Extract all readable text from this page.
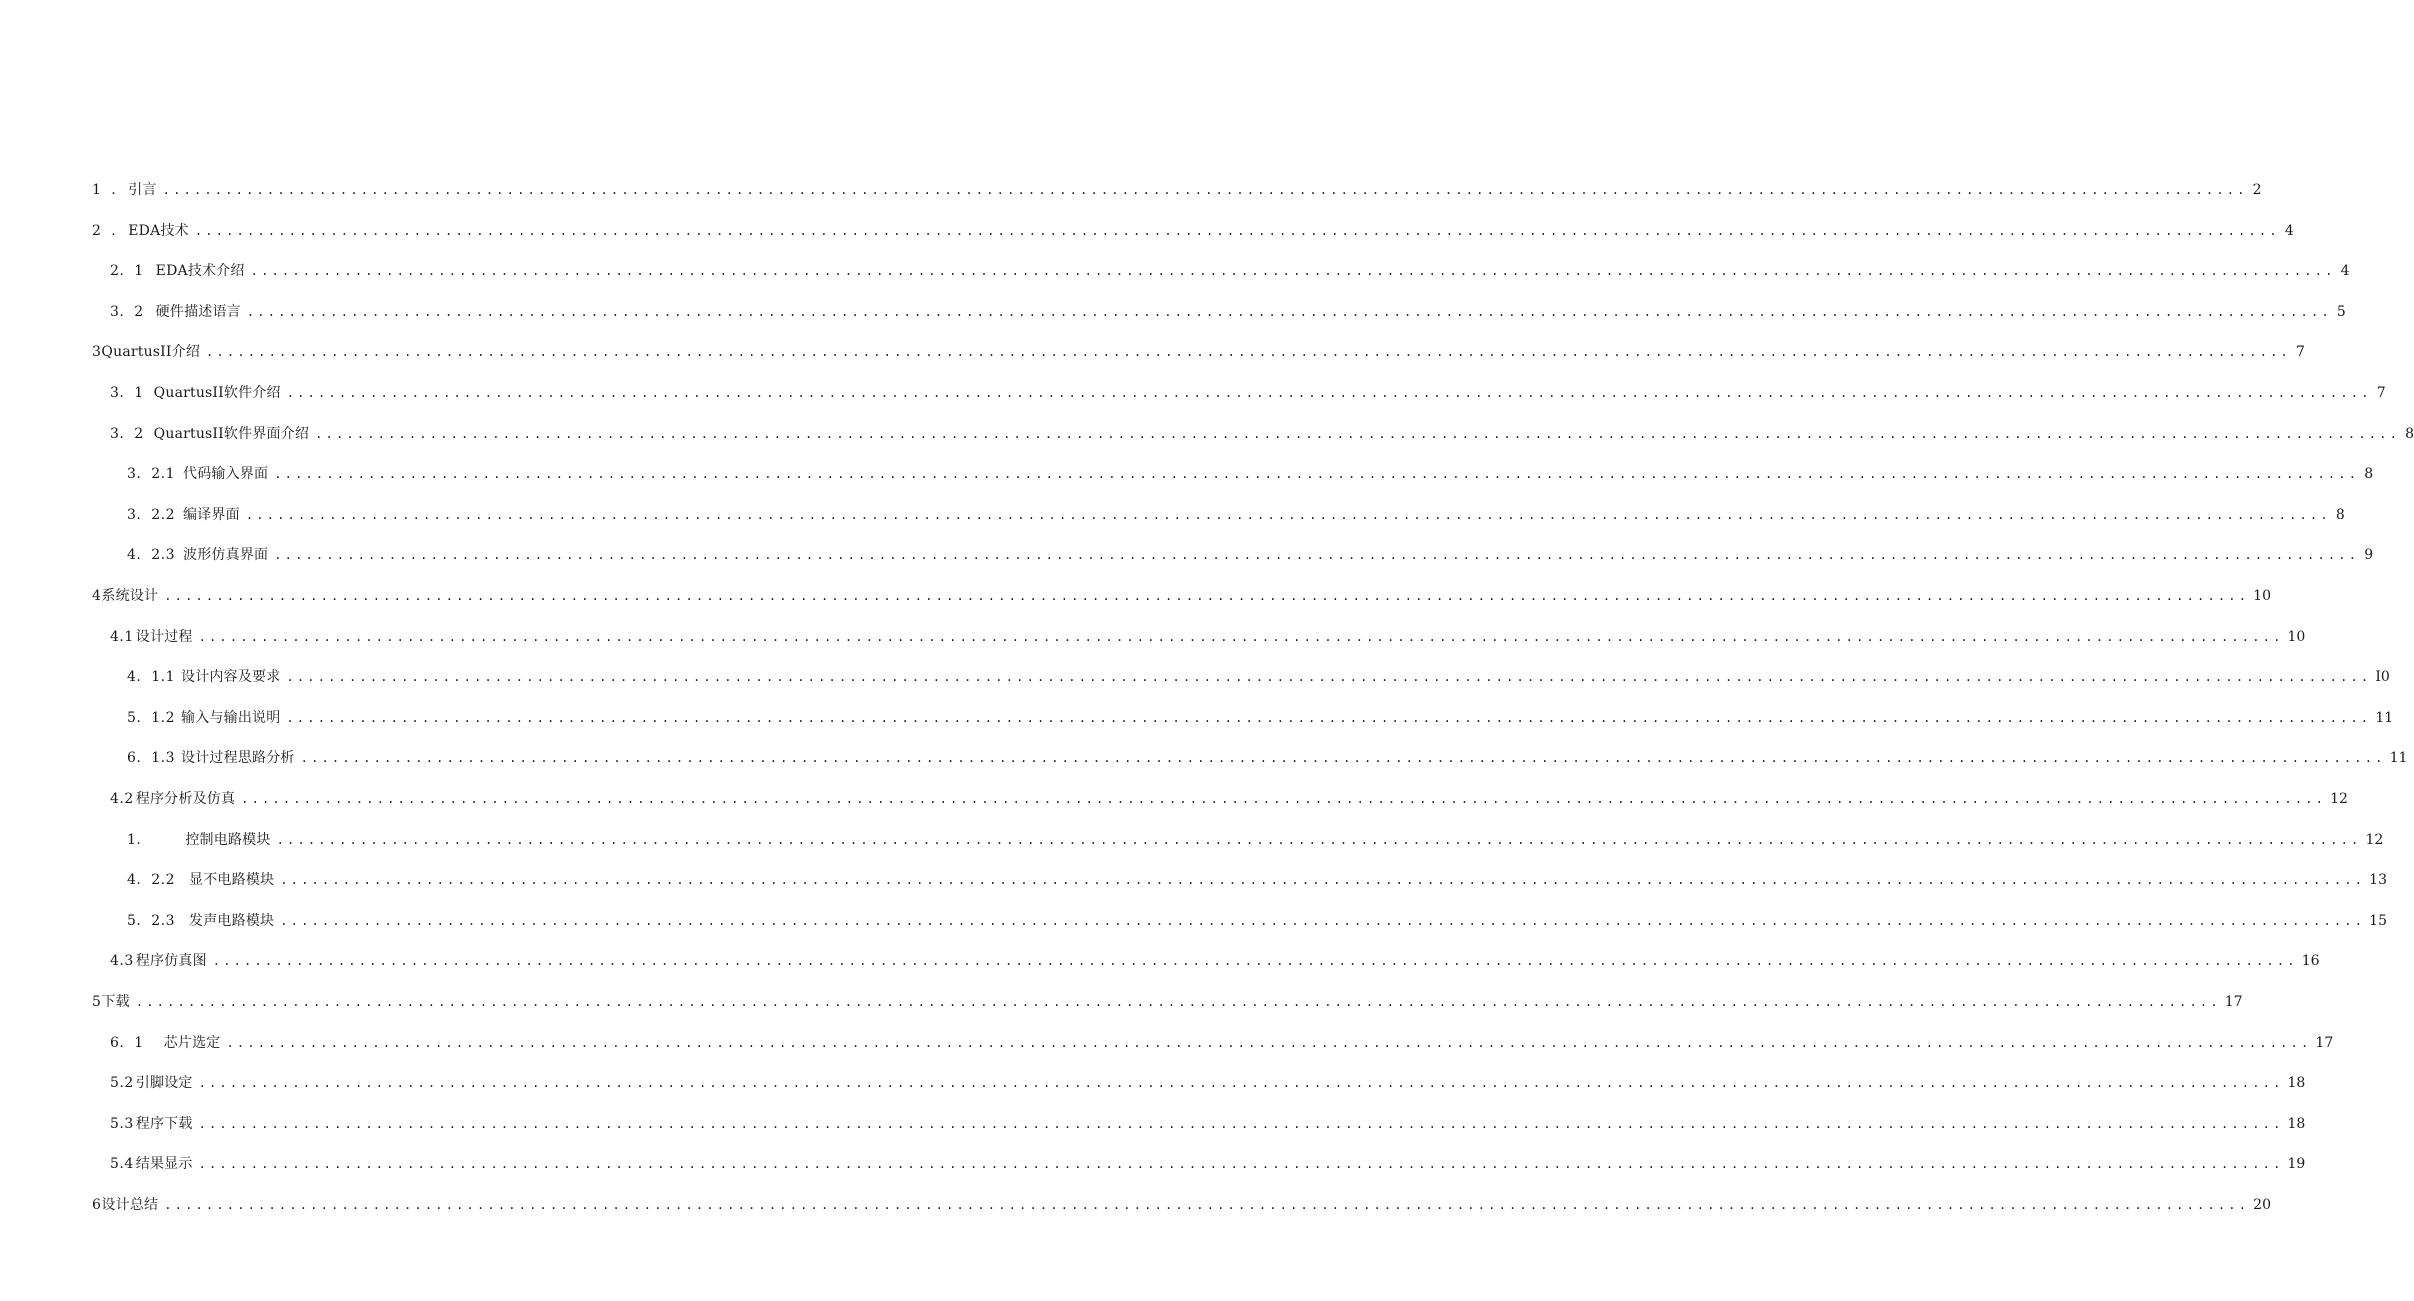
1  . 引言 ........................................................................................................................................................................................................ 2
2  . EDA技术 ........................................................................................................................................................................................................ 4
2.  1 EDA技术介绍 ........................................................................................................................................................................................................ 4
3.  2 硬件描述语言 ........................................................................................................................................................................................................ 5
3QuartusII介绍 ........................................................................................................................................................................................................ 7
3.  1 QuartusII软件介绍 ........................................................................................................................................................................................................ 7
3.  2 QuartusII软件界面介绍 ........................................................................................................................................................................................................ 8
3.  2.1 代码输入界面 ........................................................................................................................................................................................................ 8
3.  2.2 编译界面 ........................................................................................................................................................................................................ 8
4.  2.3 波形仿真界面 ........................................................................................................................................................................................................ 9
4系统设计 ........................................................................................................................................................................................................ 10
4.1 设计过程 ........................................................................................................................................................................................................ 10
4.  1.1 设计内容及要求 ........................................................................................................................................................................................................ I0
5.  1.2 输入与输出说明 ........................................................................................................................................................................................................ 11
6.  1.3 设计过程思路分析 ........................................................................................................................................................................................................ 11
4.2 程序分析及仿真 ........................................................................................................................................................................................................ 12
1.	控制电路模块 ........................................................................................................................................................................................................ 12
4.  2.2 显不电路模块 ........................................................................................................................................................................................................ 13
5.  2.3 发声电路模块 ........................................................................................................................................................................................................ 15
4.3 程序仿真图 ........................................................................................................................................................................................................ 16
5下载 ........................................................................................................................................................................................................ 17
6.  1 芯片选定 ........................................................................................................................................................................................................ 17
5.2 引脚设定 ........................................................................................................................................................................................................ 18
5.3 程序下载 ........................................................................................................................................................................................................ 18
5.4 结果显示 ........................................................................................................................................................................................................ 19
6设计总结 ........................................................................................................................................................................................................ 20
